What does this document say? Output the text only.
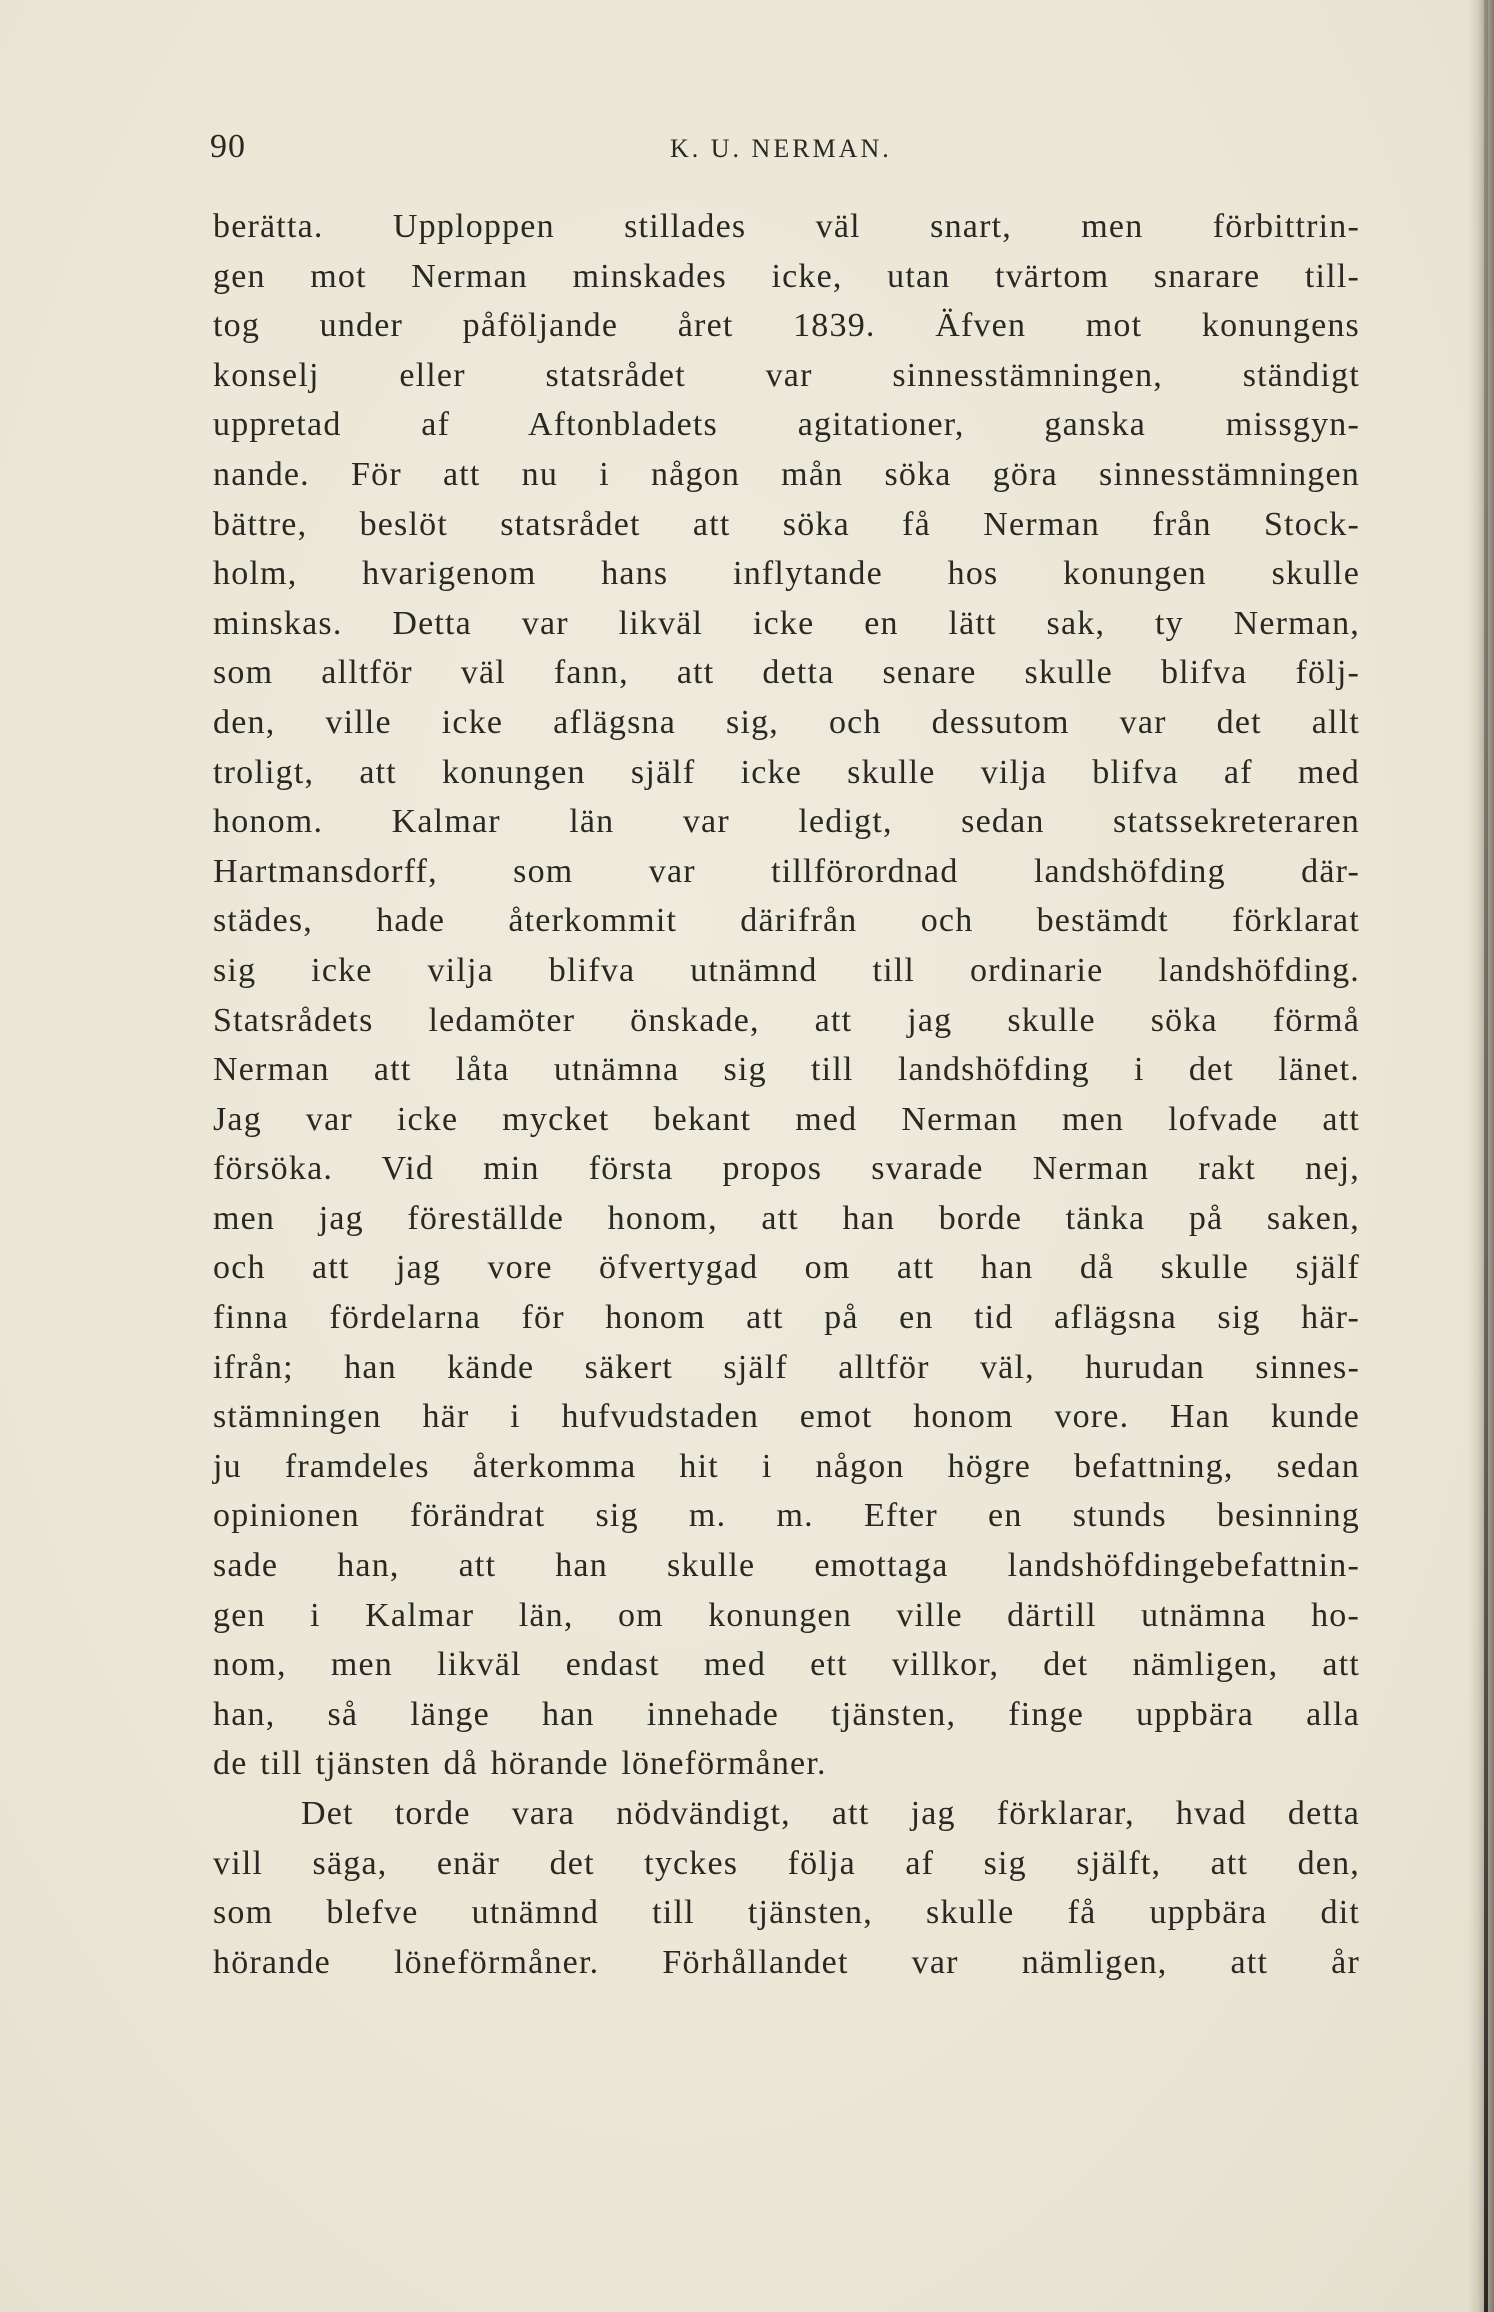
90	K. U. NERMAN.
berätta. Upploppen stillades väl snart, men förbittrin-
gen mot Nerman minskades icke, utan tvärtom snarare till-
tog under påföljande året 1839. Äfven mot konungens
konselj eller statsrådet var sinnesstämningen, ständigt
uppretad af Aftonbladets agitationer, ganska missgyn-
nande. För att nu i någon mån söka göra sinnesstämningen
bättre, beslöt statsrådet att söka få Nerman från Stock-
holm, hvarigenom hans inflytande hos konungen skulle
minskas. Detta var likväl icke en lätt sak, ty Nerman,
som alltför väl fann, att detta senare skulle blifva följ-
den, ville icke aflägsna sig, och dessutom var det allt
troligt, att konungen själf icke skulle vilja blifva af med
honom. Kalmar län var ledigt, sedan statssekreteraren
Hartmansdorff, som var tillförordnad landshöfding där-
städes, hade återkommit därifrån och bestämdt förklarat
sig icke vilja blifva utnämnd till ordinarie landshöfding.
Statsrådets ledamöter önskade, att jag skulle söka förmå
Nerman att låta utnämna sig till landshöfding i det länet.
Jag var icke mycket bekant med Nerman men lofvade att
försöka. Vid min första propos svarade Nerman rakt nej,
men jag föreställde honom, att han borde tänka på saken,
och att jag vore öfvertygad om att han då skulle själf
finna fördelarna för honom att på en tid aflägsna sig här-
ifrån; han kände säkert själf alltför väl, hurudan sinnes-
stämningen här i hufvudstaden emot honom vore. Han kunde
ju framdeles återkomma hit i någon högre befattning, sedan
opinionen förändrat sig m. m. Efter en stunds besinning
sade han, att han skulle emottaga landshöfdingebefattnin-
gen i Kalmar län, om konungen ville därtill utnämna ho-
nom, men likväl endast med ett villkor, det nämligen, att
han, så länge han innehade tjänsten, finge uppbära alla
de till tjänsten då hörande löneförmåner.
Det torde vara nödvändigt, att jag förklarar, hvad detta
vill säga, enär det tyckes följa af sig själft, att den,
som blefve utnämnd till tjänsten, skulle få uppbära dit
hörande löneförmåner. Förhållandet var nämligen, att år
